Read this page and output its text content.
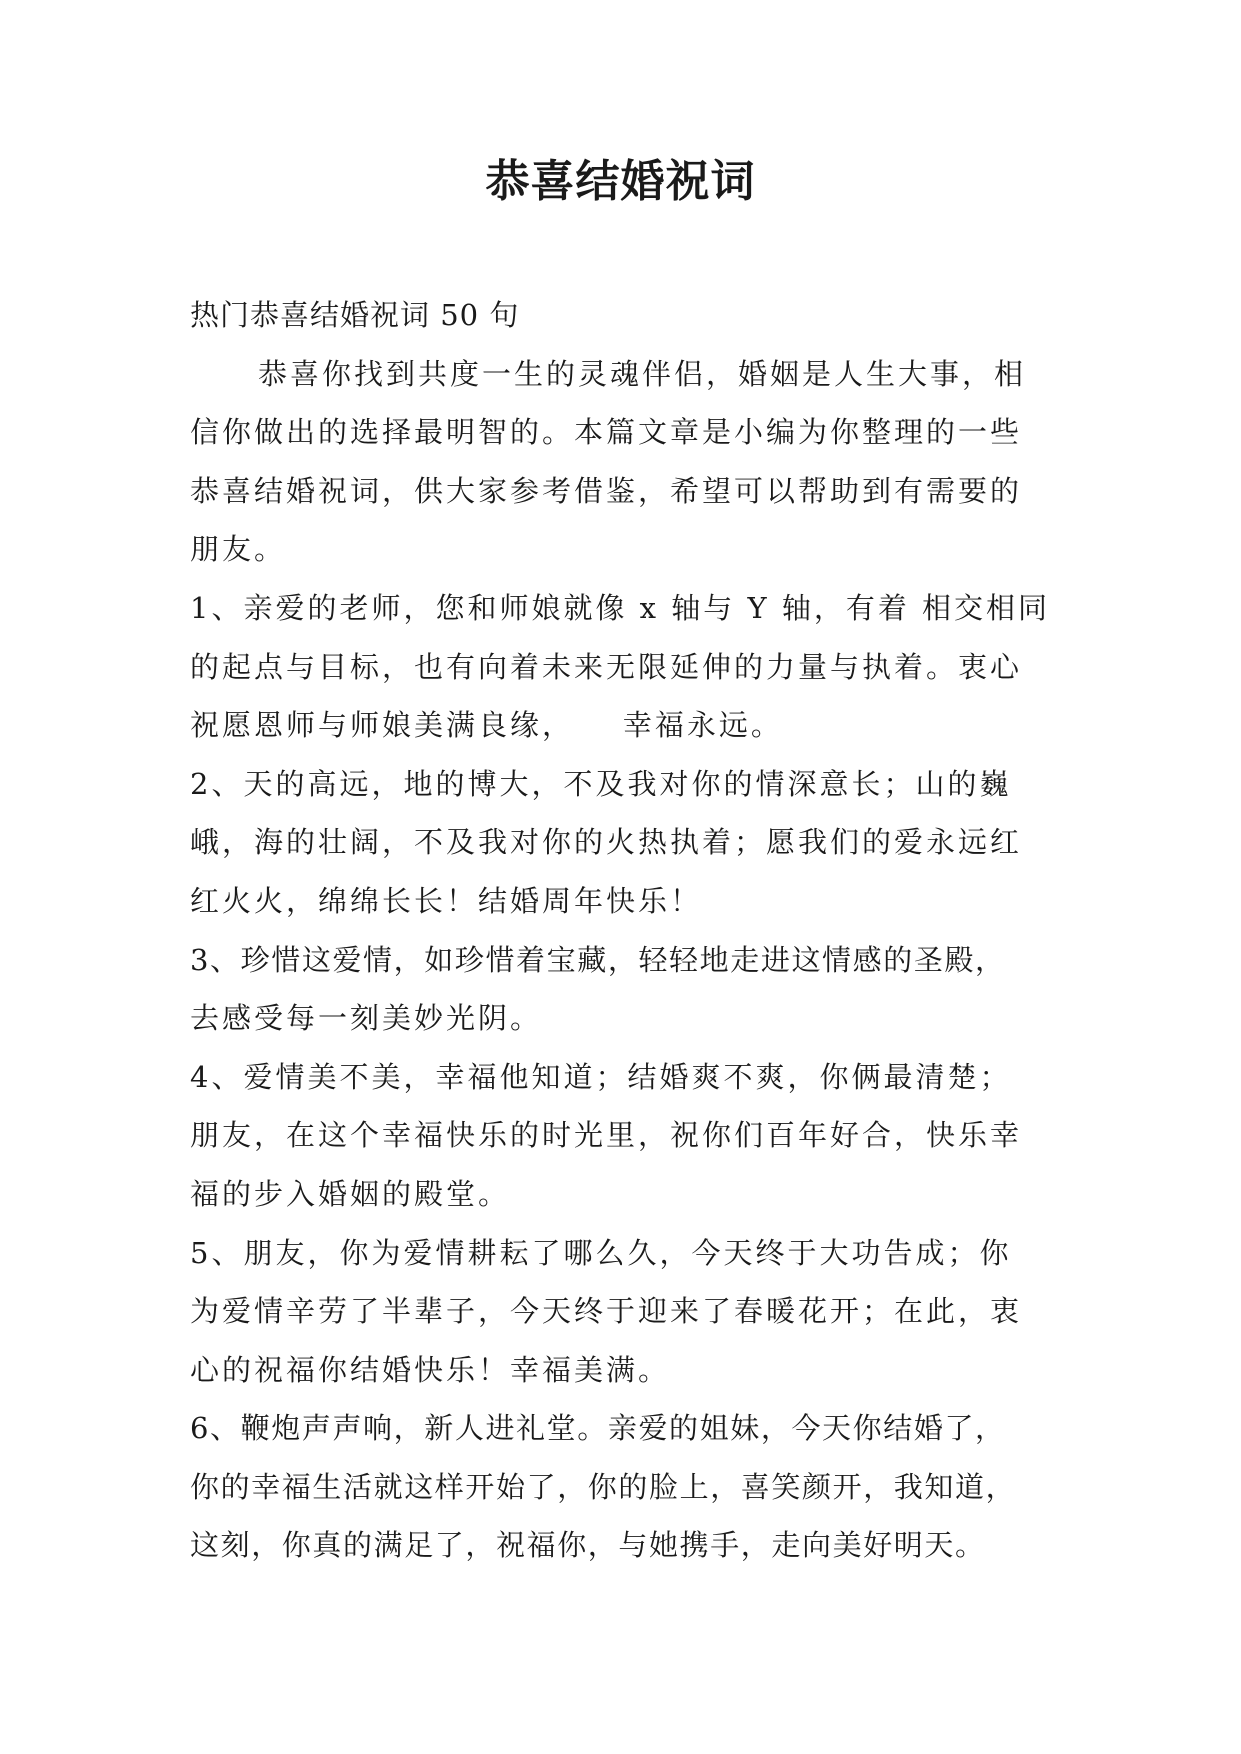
恭喜结婚祝词
热门恭喜结婚祝词 50 句
恭喜你找到共度一生的灵魂伴侣，婚姻是人生大事，相
信你做出的选择最明智的。本篇文章是小编为你整理的一些
恭喜结婚祝词，供大家参考借鉴，希望可以帮助到有需要的
朋友。
1、亲爱的老师，您和师娘就像 x 轴与 Y 轴，有着 相交相同
的起点与目标，也有向着未来无限延伸的力量与执着。衷心
祝愿恩师与师娘美满良缘，    幸福永远。
2、天的高远，地的博大，不及我对你的情深意长；山的巍
峨，海的壮阔，不及我对你的火热执着；愿我们的爱永远红
红火火，绵绵长长！结婚周年快乐！
3、珍惜这爱情，如珍惜着宝藏，轻轻地走进这情感的圣殿，
去感受每一刻美妙光阴。
4、爱情美不美，幸福他知道；结婚爽不爽，你俩最清楚；
朋友，在这个幸福快乐的时光里，祝你们百年好合，快乐幸
福的步入婚姻的殿堂。
5、朋友，你为爱情耕耘了哪么久，今天终于大功告成；你
为爱情辛劳了半辈子，今天终于迎来了春暖花开；在此，衷
心的祝福你结婚快乐！幸福美满。
6、鞭炮声声响，新人进礼堂。亲爱的姐妹，今天你结婚了，
你的幸福生活就这样开始了，你的脸上，喜笑颜开，我知道，
这刻，你真的满足了，祝福你，与她携手，走向美好明天。
